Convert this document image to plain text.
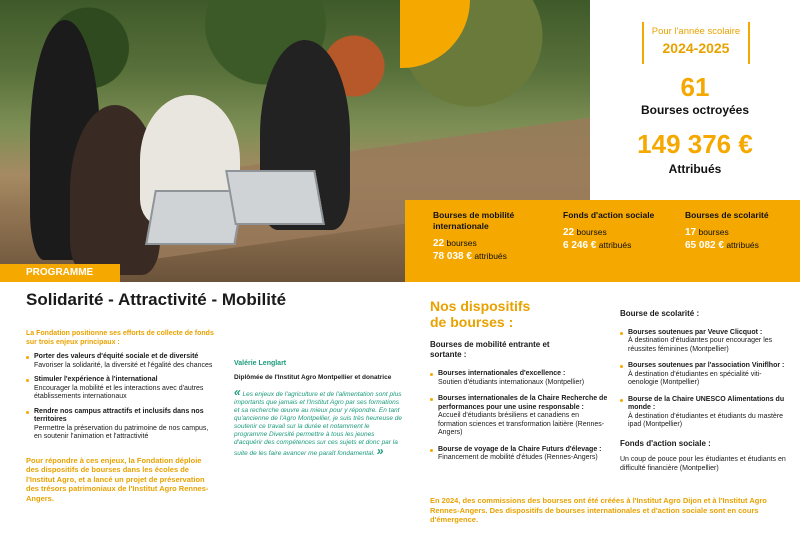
Pour l'année scolaire
2024-2025
61
Bourses octroyées
149 376 €
Attribués
Bourses de mobilité internationale
22 bourses
78 038 € attribués
Fonds d'action sociale
22 bourses
6 246 € attribués
Bourses de scolarité
17 bourses
65 082 € attribués
PROGRAMME
Solidarité - Attractivité - Mobilité
La Fondation positionne ses efforts de collecte de fonds sur trois enjeux principaux :
Porter des valeurs d'équité sociale et de diversité
Favoriser la solidarité, la diversité et l'égalité des chances
Stimuler l'expérience à l'international
Encourager la mobilité et les interactions avec d'autres établissements internationaux
Rendre nos campus attractifs et inclusifs dans nos territoires
Permettre la préservation du patrimoine de nos campus, en soutenir l'animation et l'attractivité
Pour répondre à ces enjeux, la Fondation déploie des dispositifs de bourses dans les écoles de l'Institut Agro, et a lancé un projet de préservation des trésors patrimoniaux de l'Institut Agro Rennes-Angers.
Valérie Lenglart
Diplômée de l'Institut Agro Montpellier et donatrice
« Les enjeux de l'agriculture et de l'alimentation sont plus importants que jamais et l'Institut Agro par ses formations et sa recherche œuvre au mieux pour y répondre. En tant qu'ancienne de l'Agro Montpellier, je suis très heureuse de soutenir ce travail sur la durée et notamment le programme Diversité permettre à tous les jeunes d'acquérir des compétences sur ces sujets et donc par la suite de les faire avancer me paraît fondamental. »
Nos dispositifs
de bourses :
Bourses de mobilité entrante et sortante :
Bourses internationales d'excellence :
Soutien d'étudiants internationaux (Montpellier)
Bourses internationales de la Chaire Recherche de performances pour une usine responsable :
Accueil d'étudiants brésiliens et canadiens en formation sciences et transformation laitière (Rennes-Angers)
Bourse de voyage de la Chaire Futurs d'élevage :
Financement de mobilité d'études (Rennes-Angers)
Bourse de scolarité :
Bourses soutenues par Veuve Clicquot :
À destination d'étudiantes pour encourager les réussites féminines (Montpellier)
Bourses soutenues par l'association Viniflhor :
À destination d'étudiantes en spécialité viti-oenologie (Montpellier)
Bourse de la Chaire UNESCO Alimentations du monde :
À destination d'étudiantes et étudiants du mastère ipad (Montpellier)
Fonds d'action sociale :
Un coup de pouce pour les étudiantes et étudiants en difficulté financière (Montpellier)
En 2024, des commissions des bourses ont été créées à l'Institut Agro Dijon et à l'Institut Agro Rennes-Angers. Des dispositifs de bourses internationales et d'action sociale sont en cours d'émergence.
